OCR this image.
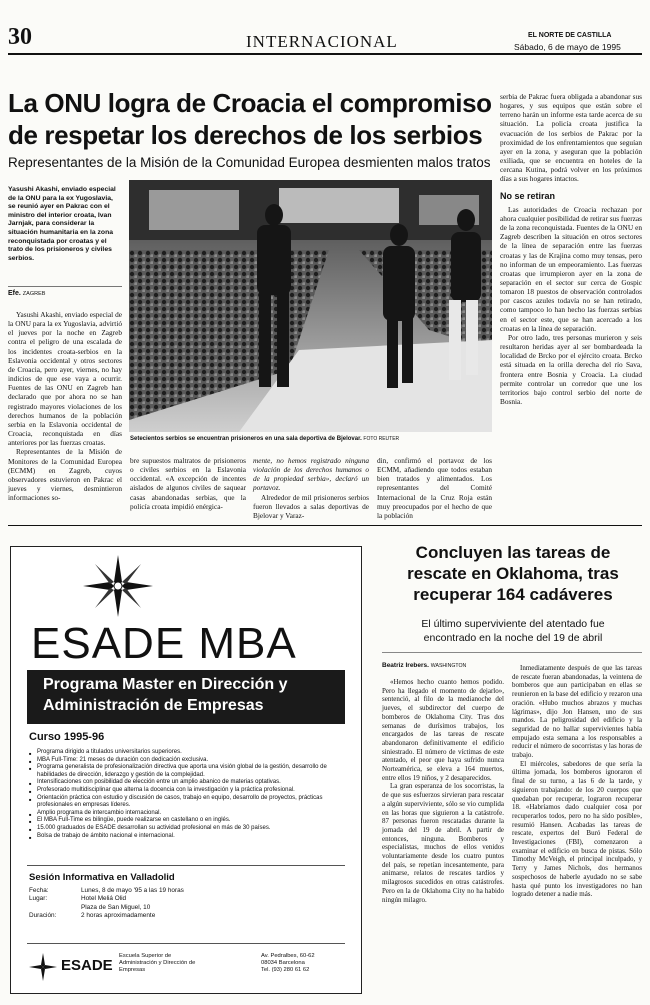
30	INTERNACIONAL	EL NORTE DE CASTILLA
Sábado, 6 de mayo de 1995
La ONU logra de Croacia el compromiso
de respetar los derechos de los serbios
Representantes de la Misión de la Comunidad Europea desmienten malos tratos
Yasushi Akashi, enviado especial de la ONU para la ex Yugoslavia, se reunió ayer en Pakrac con el ministro del interior croata, Ivan Jarnjak, para considerar la situación humanitaria en la zona reconquistada por croatas y el trato de los prisioneros y civiles serbios.
Efe. ZAGREB

Yasushi Akashi, enviado especial de la ONU para la ex Yugoslavia, advirtió el jueves por la noche en Zagreb contra el peligro de una escalada de los incidentes croata-serbios en la Eslavonia occidental y otros sectores de Croacia, pero ayer, viernes, no hay indicios de que ese vaya a ocurrir. Fuentes de las ONU en Zagreb han declarado que por ahora no se han registrado mayores violaciones de los derechos humanos de la población serbia en la Eslavonia occidental de Croacia, reconquistada en días anteriores por las fuerzas croatas.

Representantes de la Misión de Monitores de la Comunidad Europea (ECMM) en Zagreb, cuyos observadores estuvieron en Pakrac el jueves y viernes, desmintieron informaciones so-

Setecientos serbios se encuentran prisioneros en una sala deportiva de Bjelovar. FOTO REUTER

bre supuestos maltratos de prisioneros o civiles serbios en la Eslavonia occidental. «A excepción de incentes aislados de algunos civiles de saquear casas abandonadas serbias, que la policía croata impidió enérgica-

mente, no hemos registrado ninguna violación de los derechos humanos o de la propiedad serbia», declaró un portavoz.

Alrededor de mil prisioneros serbios fueron llevados a salas deportivas de Bjelovar y Varaz-

din, confirmó el portavoz de los ECMM, añadiendo que todos estaban bien tratados y alimentados. Los representantes del Comité Internacional de la Cruz Roja están muy preocupados por el hecho de que la población

serbia de Pakrac fuera obligada a abandonar sus hogares, y sus equipos que están sobre el terreno harán un informe esta tarde acerca de su situación. La policía croata justifica la evacuación de los serbios de Pakrac por la proximidad de los enfrentamientos que seguían ayer en la zona, y aseguran que la población exiliada, que se encuentra en hoteles de la cercana Kutina, podrá volver en los próximos días a sus hogares intactos.

No se retiran

Las autoridades de Croacia rechazan por ahora cualquier posibilidad de retirar sus fuerzas de la zona reconquistada. Fuentes de la ONU en Zagreb describen la situación en otros sectores de la línea de separación entre las fuerzas croatas y las de Krajina como muy tensas, pero no informan de un empeoramiento. Las fuerzas croatas que irrumpieron ayer en la zona de separación en el sector sur cerca de Gospic tomaron 18 puestos de observación controlados por cascos azules todavía no se han retirado, como tampoco lo han hecho las fuerzas serbias en el sector este, que se han acercado a los croatas en la línea de separación.

Por otro lado, tres personas murieron y seis resultaron heridas ayer al ser bombardeada la localidad de Brcko por el ejército croata. Brcko está situada en la orilla derecha del río Sava, frontera entre Bosnia y Croacia. La ciudad permite controlar un corredor que une los territorios bajo control serbio del norte de Bosnia.

ESADE MBA
Programa Master en Dirección y
Administración de Empresas
Curso 1995-96
■ Programa dirigido a titulados universitarios superiores.
■ MBA Full-Time: 21 meses de duración con dedicación exclusiva.
■ Programa generalista de profesionalización directiva que aporta una visión global de la gestión, desarrollo de habilidades de dirección, liderazgo y gestión de la complejidad.
■ Intensificaciones con posibilidad de elección entre un amplio abanico de materias optativas.
■ Profesorado multidisciplinar que alterna la docencia con la investigación y la práctica profesional.
■ Orientación práctica con estudio y discusión de casos, trabajo en equipo, desarrollo de proyectos, prácticas profesionales en empresas líderes.
■ Amplio programa de intercambio internacional.
■ El MBA Full-Time es bilingüe, puede realizarse en castellano o en inglés.
■ 15.000 graduados de ESADE desarrollan su actividad profesional en más de 30 países.
■ Bolsa de trabajo de ámbito nacional e internacional.
Sesión Informativa en Valladolid
Fecha:	Lunes, 8 de mayo '95 a las 19 horas
Lugar:	Hotel Meliá Olid
Plaza de San Miguel, 10
Duración:	2 horas aproximadamente
ESADE
Escuela Superior de
Administración y Dirección de
Empresas
Av. Pedralbes, 60-62
08034 Barcelona
Tel. (93) 280 61 62
Concluyen las tareas de
rescate en Oklahoma, tras
recuperar 164 cadáveres
El último superviviente del atentado fue
encontrado en la noche del 19 de abril
Beatriz Irebers. WASHINGTON

«Hemos hecho cuanto hemos podido. Pero ha llegado el momento de dejarlo», sentenció, al filo de la medianoche del jueves, el subdirector del cuerpo de bomberos de Oklahoma City. Tras dos semanas de durísimos trabajos, los encargados de las tareas de rescate abandonaron definitivamente el edificio siniestrado. El número de víctimas de este atentado, el peor que haya sufrido nunca Norteamérica, se eleva a 164 muertos, entre ellos 19 niños, y 2 desaparecidos.

La gran esperanza de los socorristas, la de que sus esfuerzos sirvieran para rescatar a algún superviviente, sólo se vio cumplida en las horas que siguieron a la catástrofe. 87 personas fueron rescatadas durante la jornada del 19 de abril. A partir de entonces, ninguna. Bomberos y especialistas, muchos de ellos venidos voluntariamente desde los cuatro puntos del país, se repetían incesantemente, para animarse, relatos de rescates tardíos y milagrosos sucedidos en otras catástrofes. Pero en la de Oklahoma City no ha habido ningún milagro.

Inmediatamente después de que las tareas de rescate fueran abandonadas, la veintena de bomberos que aun participaban en ellas se reunieron en la base del edificio y rezaron una oración. «Hubo muchos abrazos y muchas lágrimas», dijo Jon Hansen, uno de sus mandos. La peligrosidad del edificio y la seguridad de no hallar supervivientes había empujado esta semana a los responsables a reducir el número de socorristas y las horas de trabajo.

El miércoles, sabedores de que sería la última jornada, los bomberos ignoraron el final de su turno, a las 6 de la tarde, y siguieron trabajando: de los 20 cuerpos que quedaban por recuperar, lograron recuperar 18. «Habríamos dado cualquier cosa por recuperarlos todos, pero no ha sido posible», resumió Hansen. Acabadas las tareas de rescate, expertos del Buró Federal de Investigaciones (FBI), comenzaron a examinar el edificio en busca de pistas. Sólo Timothy McVeigh, el principal inculpado, y Terry y James Nichols, dos hermanos sospechosos de haberle ayudado no se sabe hasta qué punto los investigadores no han logrado detener a nadie más.
